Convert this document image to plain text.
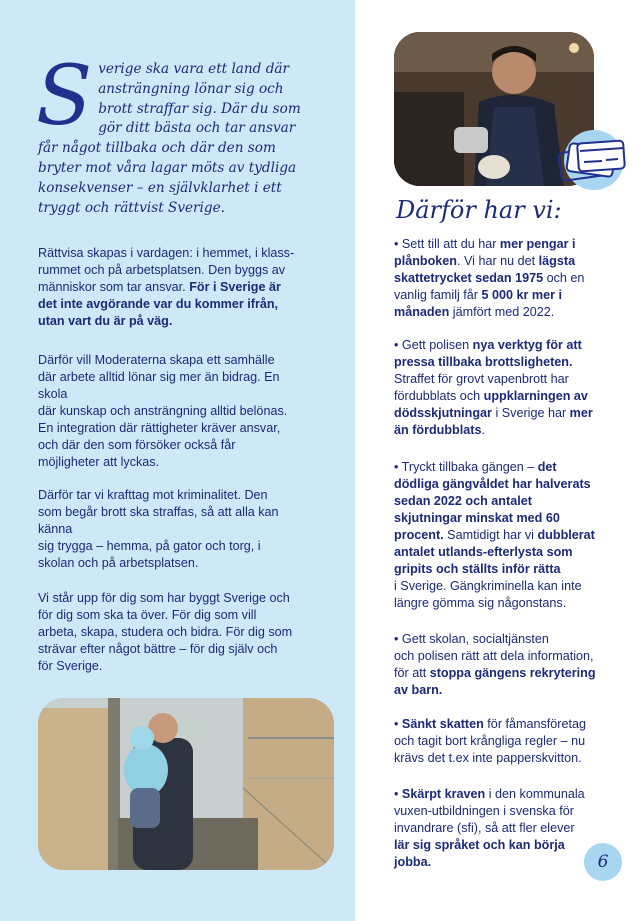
S verige ska vara ett land där
ansträngning lönar sig och
brott straffar sig. Där du som
gör ditt bästa och tar ansvar
får något tillbaka och där den som
bryter mot våra lagar möts av tydliga
konsekvenser – en självklarhet i ett
tryggt och rättvist Sverige.
Rättvisa skapas i vardagen: i hemmet, i klass-
rummet och på arbetsplatsen. Den byggs av
människor som tar ansvar. För i Sverige är
det inte avgörande var du kommer ifrån,
utan vart du är på väg.
Därför vill Moderaterna skapa ett samhälle
där arbete alltid lönar sig mer än bidrag. En
skola
där kunskap och ansträngning alltid belönas.
En integration där rättigheter kräver ansvar,
och där den som försöker också får
möjligheter att lyckas.
Därför tar vi krafttag mot kriminalitet. Den
som begår brott ska straffas, så att alla kan
känna
sig trygga – hemma, på gator och torg, i
skolan och på arbetsplatsen.
Vi står upp för dig som har byggt Sverige och
för dig som ska ta över. För dig som vill
arbeta, skapa, studera och bidra. För dig som
strävar efter något bättre – för dig själv och
för Sverige.
Därför har vi:
• Sett till att du har mer pengar i
plånboken. Vi har nu det lägsta
skattetrycket sedan 1975 och en
vanlig familj får 5 000 kr mer i
månaden jämfört med 2022.
• Gett polisen nya verktyg för att
pressa tillbaka brottsligheten.
Straffet för grovt vapenbrott har
fördubblats och uppklarningen av
dödsskjutningar i Sverige har mer
än fördubblats.
• Tryckt tillbaka gängen – det
dödliga gängvåldet har halverats
sedan 2022 och antalet
skjutningar minskat med 60
procent. Samtidigt har vi dubblerat
antalet utlands-efterlysta som
gripits och ställts inför rätta
i Sverige. Gängkriminella kan inte
längre gömma sig någonstans.
• Gett skolan, socialtjänsten
och polisen rätt att dela information,
för att stoppa gängens rekrytering
av barn.
• Sänkt skatten för fåmansföretag
och tagit bort krångliga regler – nu
krävs det t.ex inte papperskvitton.
• Skärpt kraven i den kommunala
vuxen-utbildningen i svenska för
invandrare (sfi), så att fler elever
lär sig språket och kan börja
jobba.	6
